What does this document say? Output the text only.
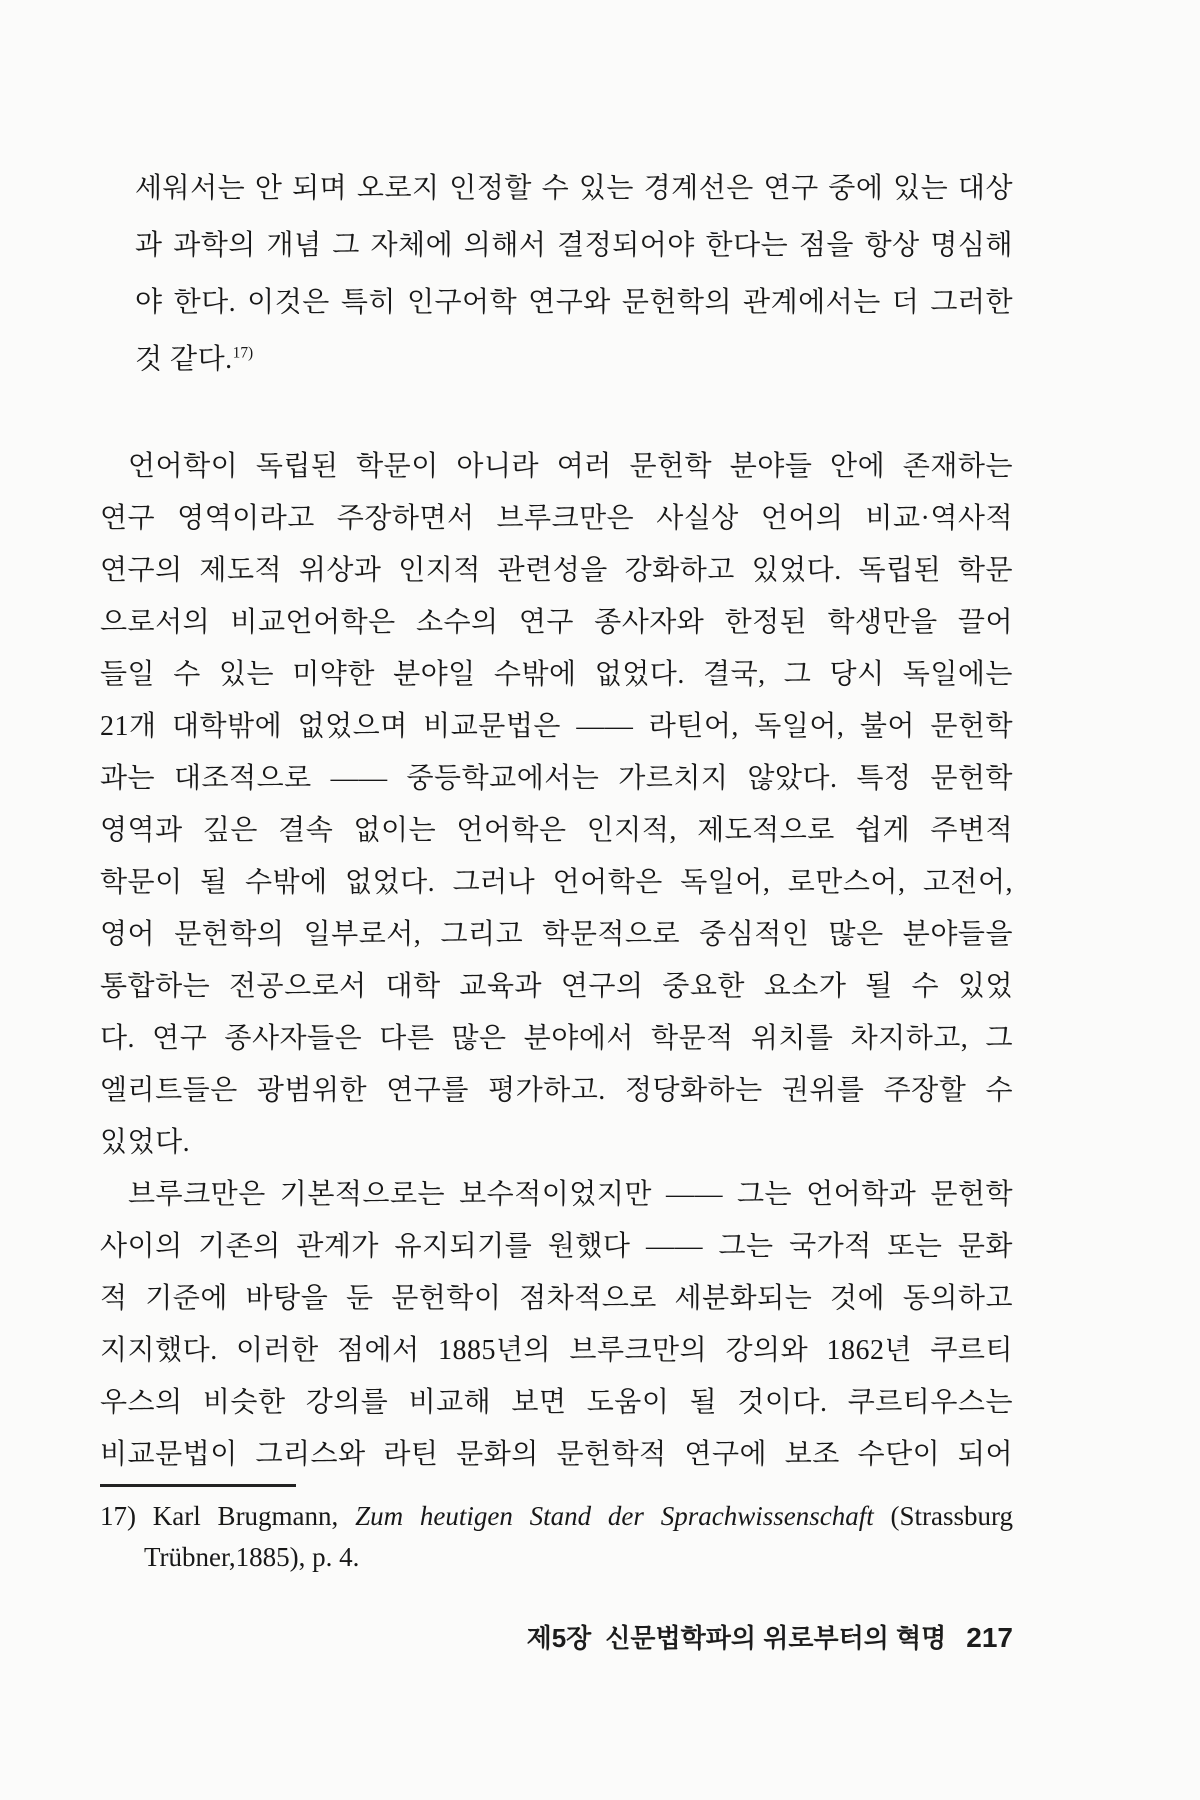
세워서는 안 되며 오로지 인정할 수 있는 경계선은 연구 중에 있는 대상
과 과학의 개념 그 자체에 의해서 결정되어야 한다는 점을 항상 명심해
야 한다. 이것은 특히 인구어학 연구와 문헌학의 관계에서는 더 그러한
것 같다.$^{17)}$
언어학이 독립된 학문이 아니라 여러 문헌학 분야들 안에 존재하는
연구 영역이라고 주장하면서 브루크만은 사실상 언어의 비교·역사적
연구의 제도적 위상과 인지적 관련성을 강화하고 있었다. 독립된 학문
으로서의 비교언어학은 소수의 연구 종사자와 한정된 학생만을 끌어
들일 수 있는 미약한 분야일 수밖에 없었다. 결국, 그 당시 독일에는
21개 대학밖에 없었으며 비교문법은 —— 라틴어, 독일어, 불어 문헌학
과는 대조적으로 —— 중등학교에서는 가르치지 않았다. 특정 문헌학
영역과 깊은 결속 없이는 언어학은 인지적, 제도적으로 쉽게 주변적
학문이 될 수밖에 없었다. 그러나 언어학은 독일어, 로만스어, 고전어,
영어 문헌학의 일부로서, 그리고 학문적으로 중심적인 많은 분야들을
통합하는 전공으로서 대학 교육과 연구의 중요한 요소가 될 수 있었
다. 연구 종사자들은 다른 많은 분야에서 학문적 위치를 차지하고, 그
엘리트들은 광범위한 연구를 평가하고. 정당화하는 권위를 주장할 수
있었다.
브루크만은 기본적으로는 보수적이었지만 —— 그는 언어학과 문헌학
사이의 기존의 관계가 유지되기를 원했다 —— 그는 국가적 또는 문화
적 기준에 바탕을 둔 문헌학이 점차적으로 세분화되는 것에 동의하고
지지했다. 이러한 점에서 1885년의 브루크만의 강의와 1862년 쿠르티
우스의 비슷한 강의를 비교해 보면 도움이 될 것이다. 쿠르티우스는
비교문법이 그리스와 라틴 문화의 문헌학적 연구에 보조 수단이 되어
17) Karl Brugmann, Zum heutigen Stand der Sprachwissenschaft (Strassburg
Trübner,1885), p. 4.
제5장 신문법학파의 위로부터의 혁명 217
